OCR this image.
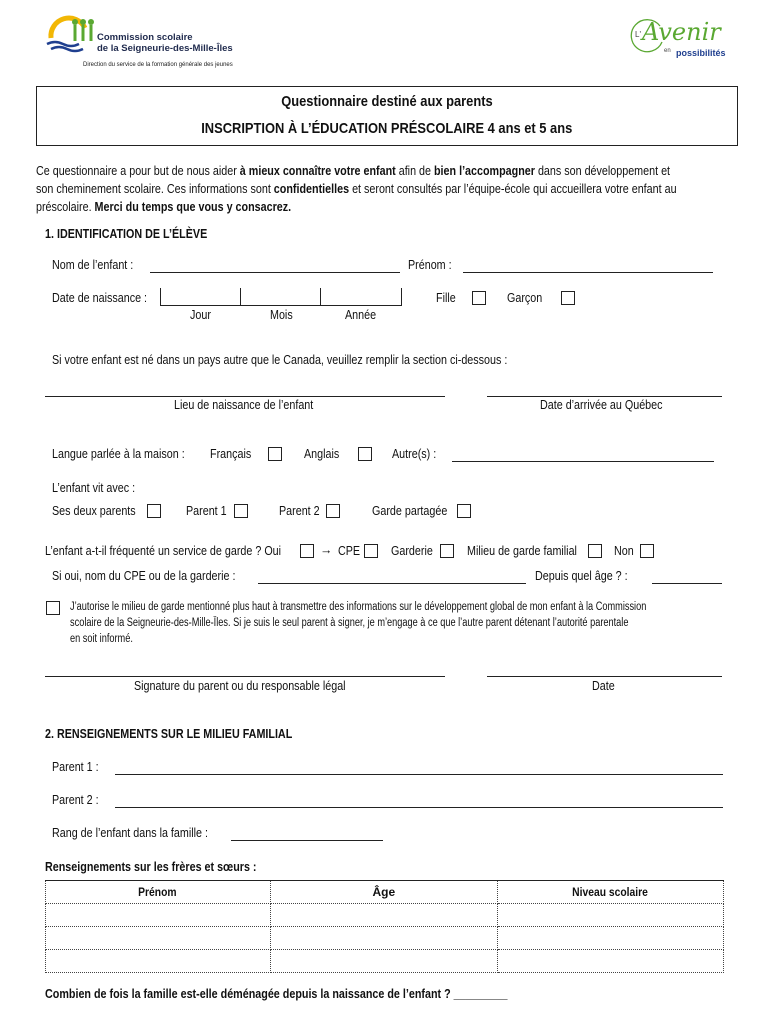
Commission scolaire
de la Seigneurie-des-Mille-Îles
Direction du service de la formation générale des jeunes
L' Avenir
en possibilités
Questionnaire destiné aux parents
INSCRIPTION À L’ÉDUCATION PRÉSCOLAIRE 4 ans et 5 ans
Ce questionnaire a pour but de nous aider à mieux connaître votre enfant afin de bien l’accompagner dans son développement et
son cheminement scolaire. Ces informations sont confidentielles et seront consultés par l’équipe-école qui accueillera votre enfant au
préscolaire. Merci du temps que vous y consacrez.
1. IDENTIFICATION DE L’ÉLÈVE
Nom de l’enfant :	Prénom :
Date de naissance :
Jour	Mois	Année
Fille	Garçon
Si votre enfant est né dans un pays autre que le Canada, veuillez remplir la section ci-dessous :
Lieu de naissance de l’enfant	Date d’arrivée au Québec
Langue parlée à la maison :	Français	Anglais	Autre(s) :
L’enfant vit avec :
Ses deux parents	Parent 1	Parent 2	Garde partagée
L’enfant a-t-il fréquenté un service de garde ? Oui	→ CPE Garderie	Milieu de garde familial	Non
Si oui, nom du CPE ou de la garderie :	Depuis quel âge ? :
J’autorise le milieu de garde mentionné plus haut à transmettre des informations sur le développement global de mon enfant à la Commission
scolaire de la Seigneurie-des-Mille-Îles. Si je suis le seul parent à signer, je m’engage à ce que l’autre parent détenant l’autorité parentale
en soit informé.
Signature du parent ou du responsable légal	Date
2. RENSEIGNEMENTS SUR LE MILIEU FAMILIAL
Parent 1 :
Parent 2 :
Rang de l’enfant dans la famille :
Renseignements sur les frères et sœurs :
Prénom	Âge	Niveau scolaire

Combien de fois la famille est-elle déménagée depuis la naissance de l’enfant ? _________
